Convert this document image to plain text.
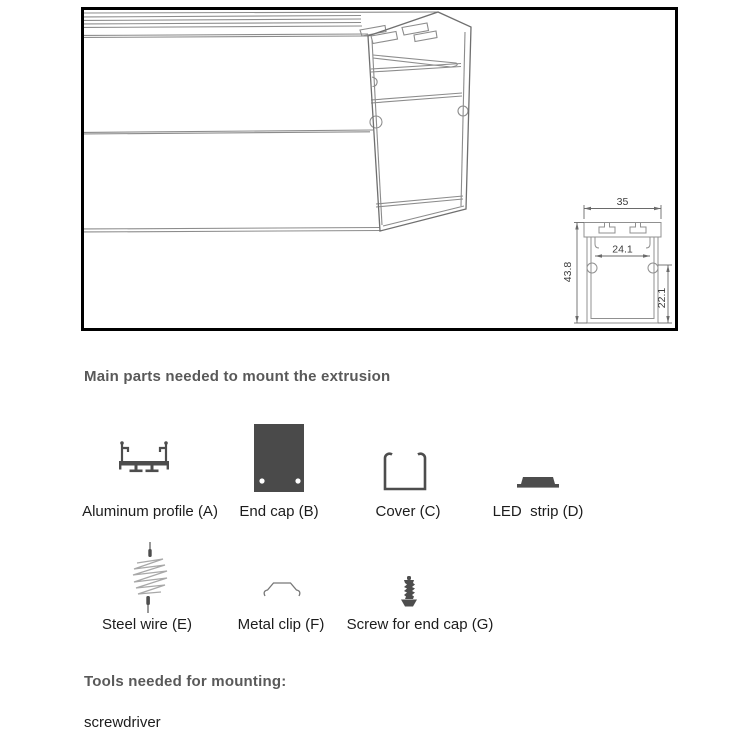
35
24.1
43.8
22.1
Main parts needed to mount the extrusion
Aluminum profile (A)	End cap (B)	Cover (C)	LED  strip (D)
Steel wire (E)	Metal clip (F)	Screw for end cap (G)
Tools needed for mounting:
screwdriver
